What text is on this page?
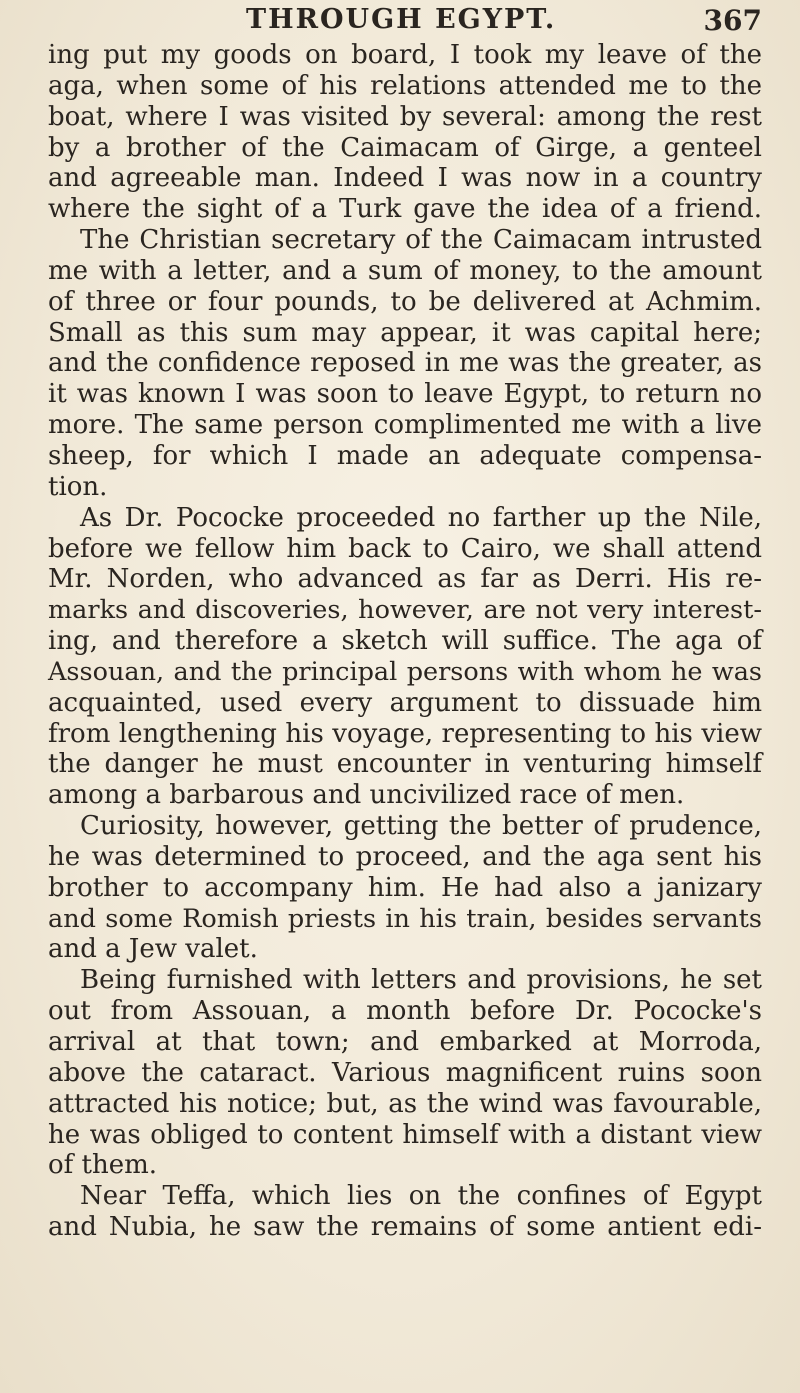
THROUGH EGYPT.	367
ing put my goods on board, I took my leave of the
aga, when some of his relations attended me to the
boat, where I was visited by several: among the rest
by a brother of the Caimacam of Girge, a genteel
and agreeable man. Indeed I was now in a country
where the sight of a Turk gave the idea of a friend.
The Christian secretary of the Caimacam intrusted
me with a letter, and a sum of money, to the amount
of three or four pounds, to be delivered at Achmim.
Small as this sum may appear, it was capital here;
and the confidence reposed in me was the greater, as
it was known I was soon to leave Egypt, to return no
more. The same person complimented me with a live
sheep, for which I made an adequate compensa-
tion.
As Dr. Pococke proceeded no farther up the Nile,
before we fellow him back to Cairo, we shall attend
Mr. Norden, who advanced as far as Derri. His re-
marks and discoveries, however, are not very interest-
ing, and therefore a sketch will suffice. The aga of
Assouan, and the principal persons with whom he was
acquainted, used every argument to dissuade him
from lengthening his voyage, representing to his view
the danger he must encounter in venturing himself
among a barbarous and uncivilized race of men.
Curiosity, however, getting the better of prudence,
he was determined to proceed, and the aga sent his
brother to accompany him. He had also a janizary
and some Romish priests in his train, besides servants
and a Jew valet.
Being furnished with letters and provisions, he set
out from Assouan, a month before Dr. Pococke's
arrival at that town; and embarked at Morroda,
above the cataract. Various magnificent ruins soon
attracted his notice; but, as the wind was favourable,
he was obliged to content himself with a distant view
of them.
Near Teffa, which lies on the confines of Egypt
and Nubia, he saw the remains of some antient edi-
